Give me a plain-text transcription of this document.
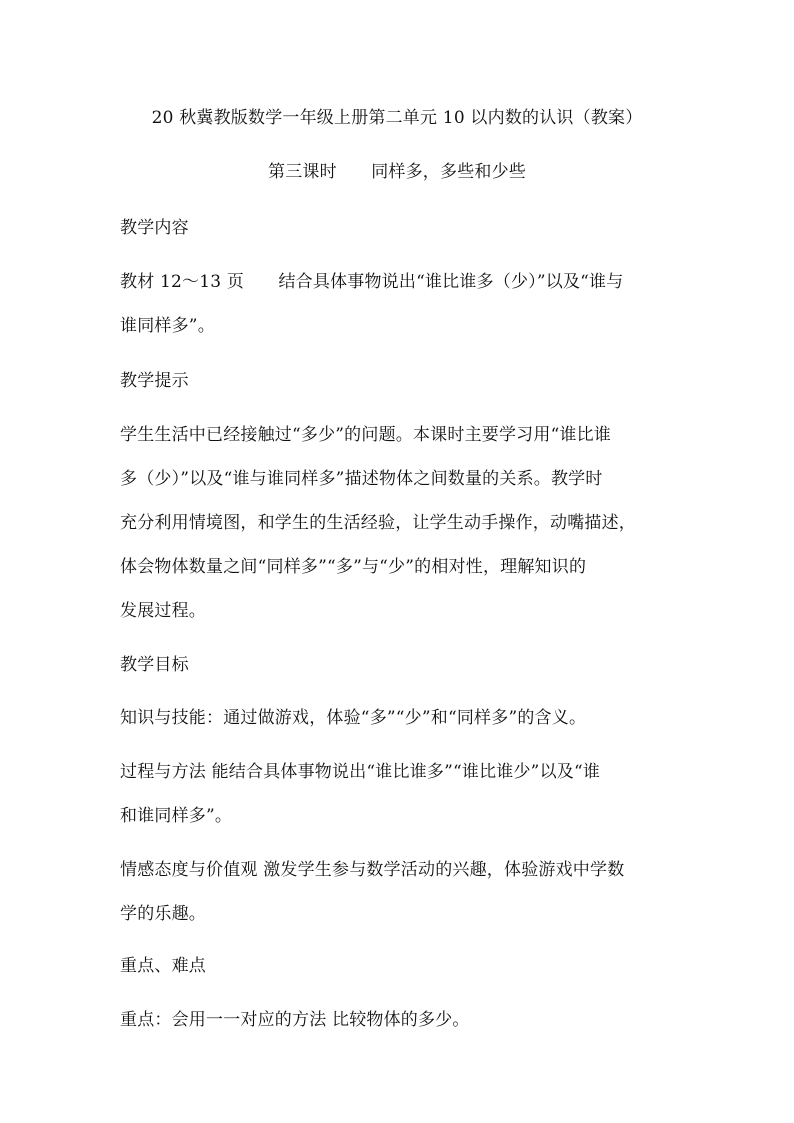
20 秋冀教版数学一年级上册第二单元 10 以内数的认识（教案）
第三课时　　同样多，多些和少些
教学内容
教材 12～13 页　　结合具体事物说出“谁比谁多（少）”以及“谁与
谁同样多”。
教学提示
学生生活中已经接触过“多少”的问题。本课时主要学习用“谁比谁
多（少）”以及“谁与谁同样多”描述物体之间数量的关系。教学时
充分利用情境图，和学生的生活经验，让学生动手操作，动嘴描述，
体会物体数量之间“同样多”“多”与“少”的相对性，理解知识的
发展过程。
教学目标
知识与技能：通过做游戏，体验“多”“少”和“同样多”的含义。
过程与方法 能结合具体事物说出“谁比谁多”“谁比谁少”以及“谁
和谁同样多”。
情感态度与价值观 激发学生参与数学活动的兴趣，体验游戏中学数
学的乐趣。
重点、难点
重点：会用一一对应的方法 比较物体的多少。
